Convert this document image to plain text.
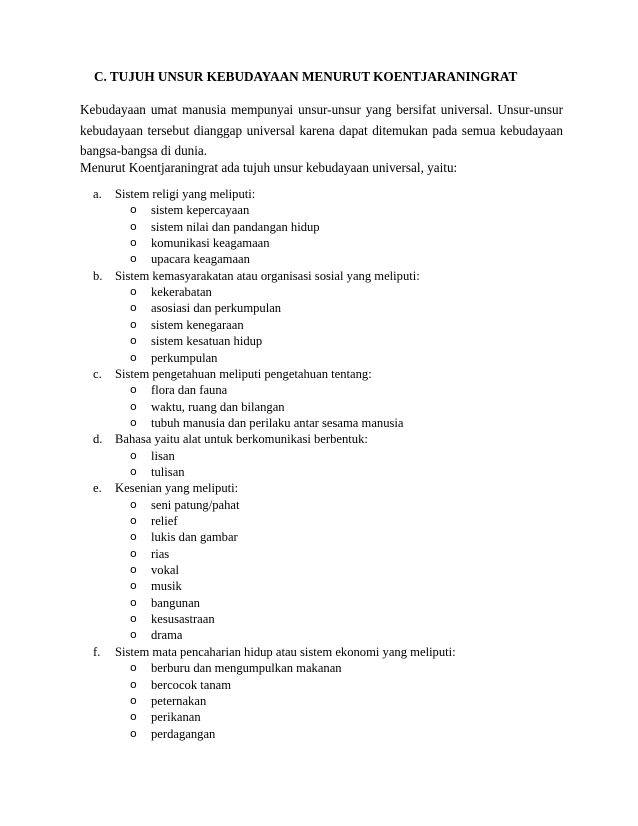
C. TUJUH UNSUR KEBUDAYAAN MENURUT KOENTJARANINGRAT
Kebudayaan umat manusia mempunyai unsur-unsur yang bersifat universal. Unsur-unsur
kebudayaan tersebut dianggap universal karena dapat ditemukan pada semua kebudayaan
bangsa-bangsa di dunia.
Menurut Koentjaraningrat ada tujuh unsur kebudayaan universal, yaitu:
a. Sistem religi yang meliputi:
o sistem kepercayaan
o sistem nilai dan pandangan hidup
o komunikasi keagamaan
o upacara keagamaan
b. Sistem kemasyarakatan atau organisasi sosial yang meliputi:
o kekerabatan
o asosiasi dan perkumpulan
o sistem kenegaraan
o sistem kesatuan hidup
o perkumpulan
c. Sistem pengetahuan meliputi pengetahuan tentang:
o flora dan fauna
o waktu, ruang dan bilangan
o tubuh manusia dan perilaku antar sesama manusia
d. Bahasa yaitu alat untuk berkomunikasi berbentuk:
o lisan
o tulisan
e. Kesenian yang meliputi:
o seni patung/pahat
o relief
o lukis dan gambar
o rias
o vokal
o musik
o bangunan
o kesusastraan
o drama
f. Sistem mata pencaharian hidup atau sistem ekonomi yang meliputi:
o berburu dan mengumpulkan makanan
o bercocok tanam
o peternakan
o perikanan
o perdagangan
